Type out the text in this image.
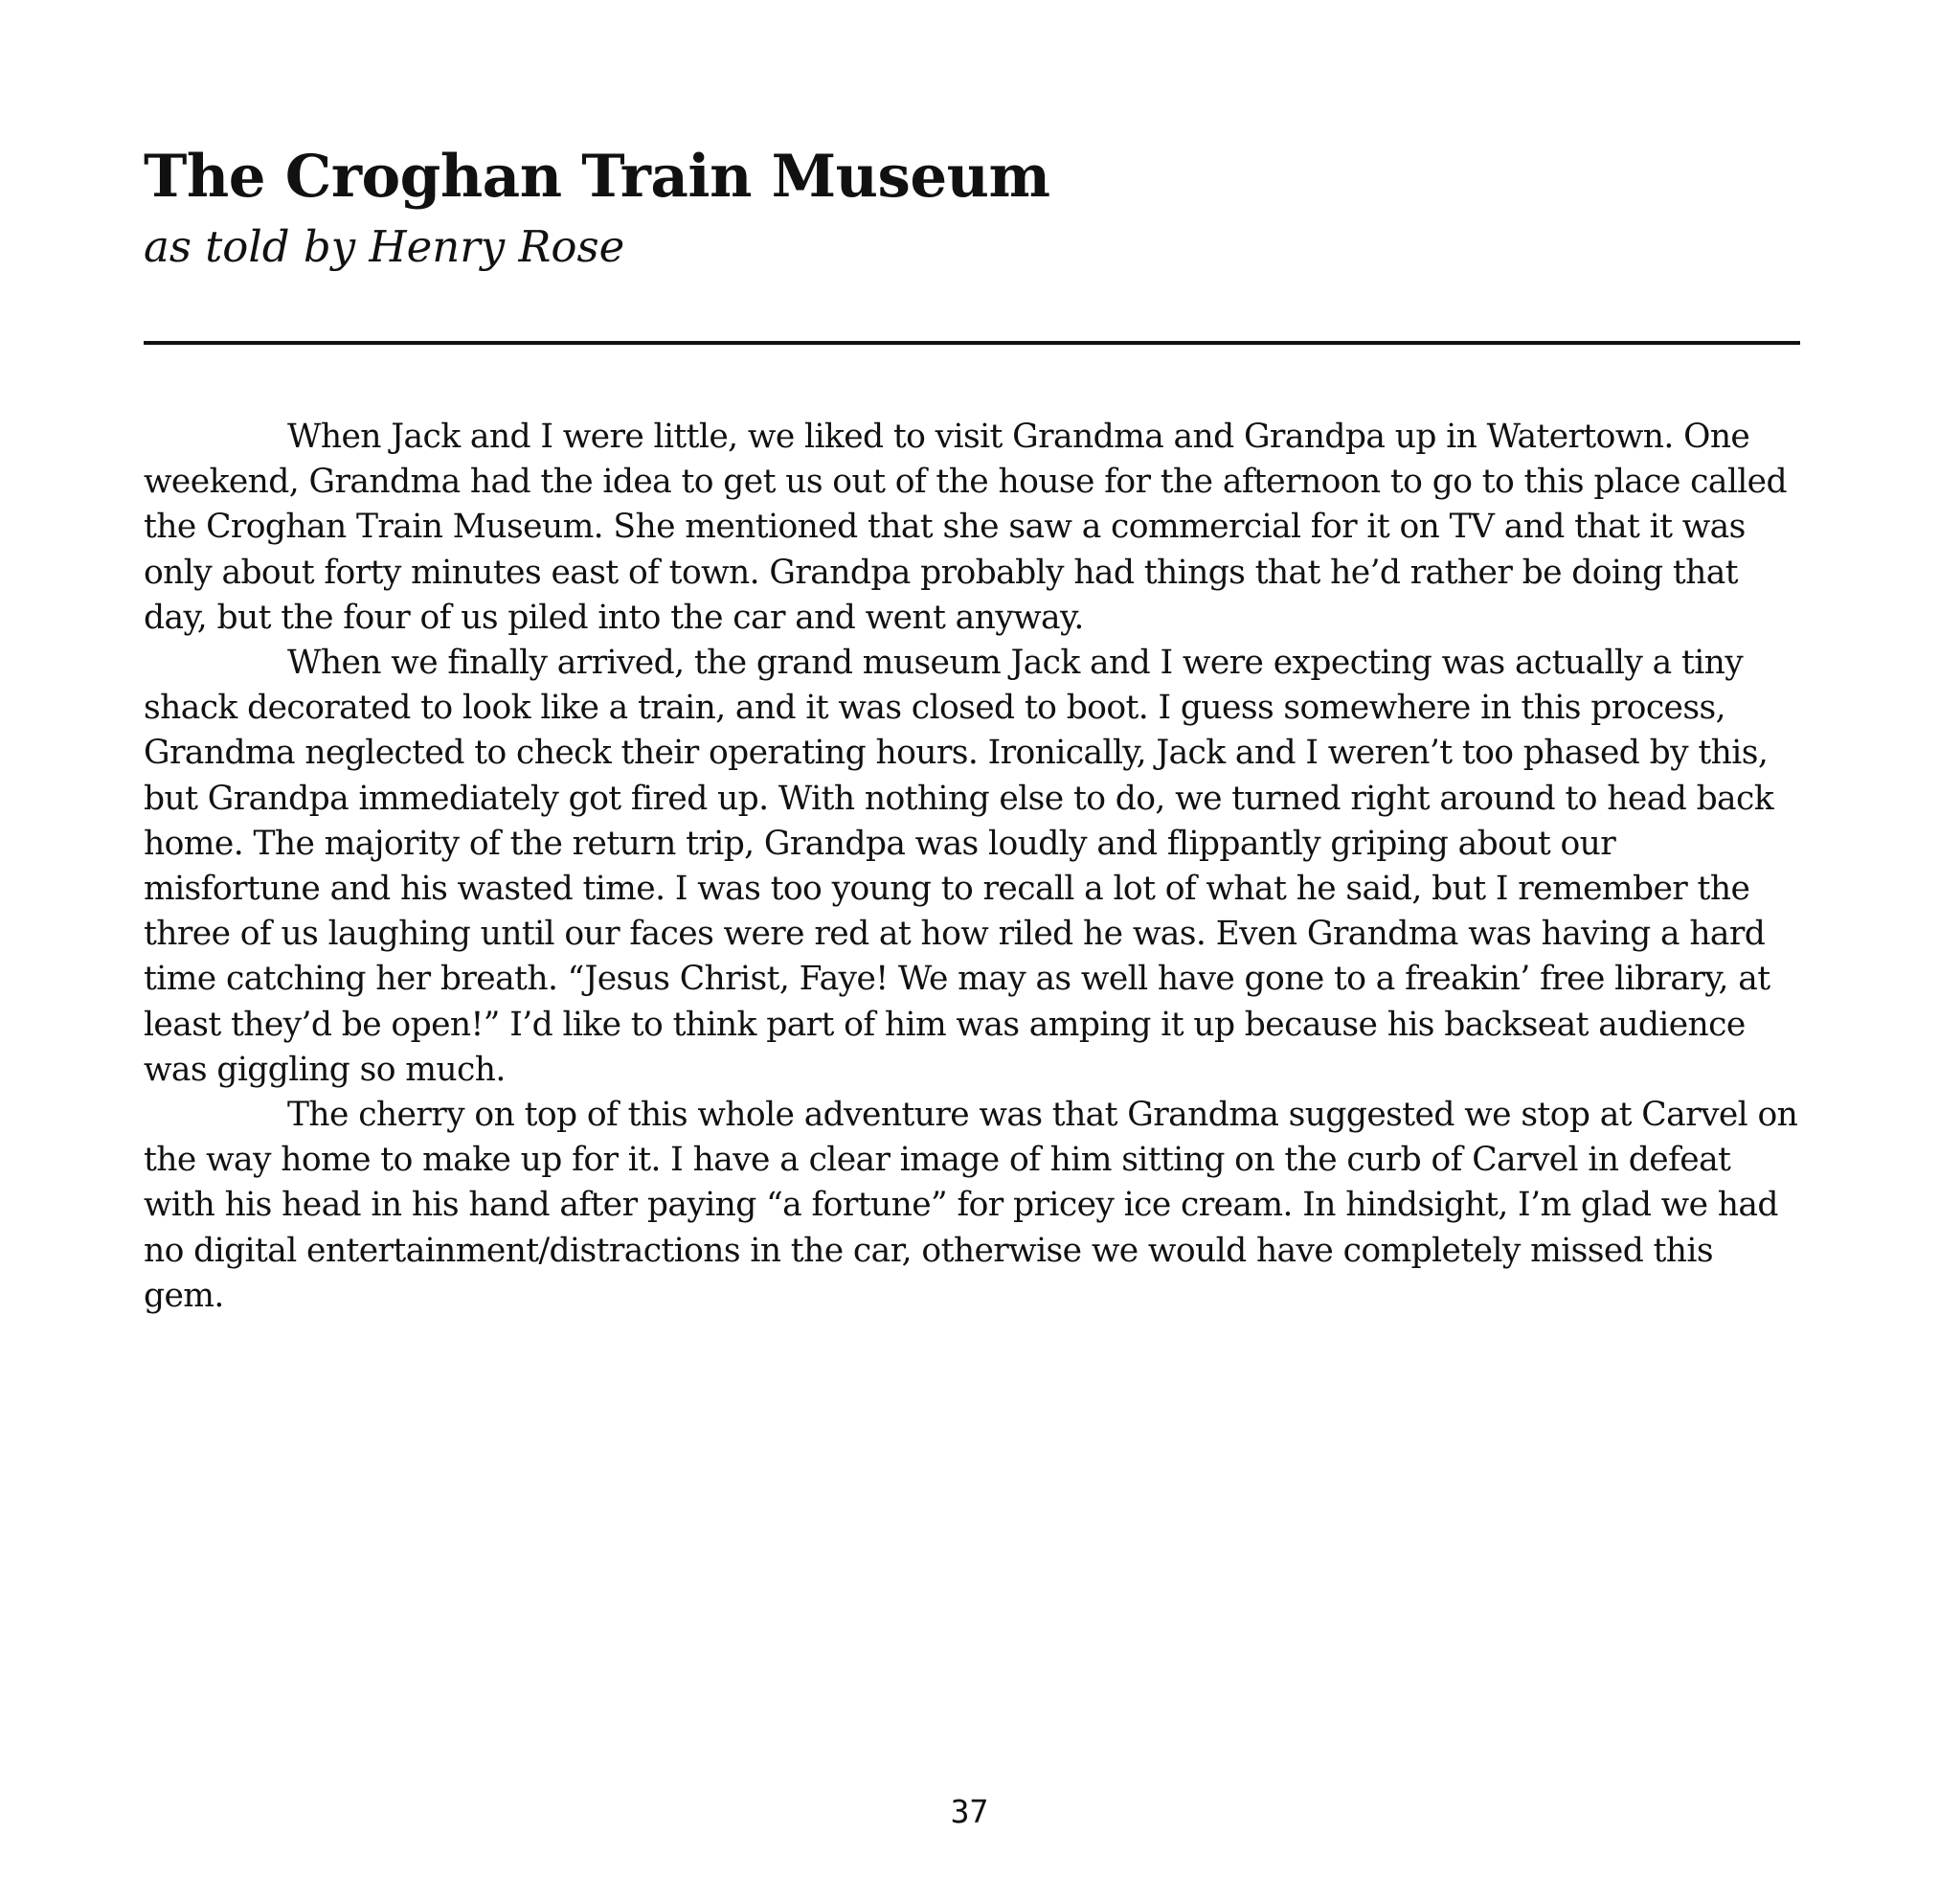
The Croghan Train Museum

as told by Henry Rose

When Jack and I were little, we liked to visit Grandma and Grandpa up in Watertown. One weekend, Grandma had the idea to get us out of the house for the afternoon to go to this place called the Croghan Train Museum. She mentioned that she saw a commercial for it on TV and that it was only about forty minutes east of town. Grandpa probably had things that he’d rather be doing that day, but the four of us piled into the car and went anyway.

When we finally arrived, the grand museum Jack and I were expecting was actually a tiny shack decorated to look like a train, and it was closed to boot. I guess somewhere in this process, Grandma neglected to check their operating hours. Ironically, Jack and I weren’t too phased by this, but Grandpa immediately got fired up. With nothing else to do, we turned right around to head back home. The majority of the return trip, Grandpa was loudly and flippantly griping about our misfortune and his wasted time. I was too young to recall a lot of what he said, but I remember the three of us laughing until our faces were red at how riled he was. Even Grandma was having a hard time catching her breath. “Jesus Christ, Faye! We may as well have gone to a freakin’ free library, at least they’d be open!” I’d like to think part of him was amping it up because his backseat audience was giggling so much.

The cherry on top of this whole adventure was that Grandma suggested we stop at Carvel on the way home to make up for it. I have a clear image of him sitting on the curb of Carvel in defeat with his head in his hand after paying “a fortune” for pricey ice cream. In hindsight, I’m glad we had no digital entertainment/distractions in the car, otherwise we would have completely missed this gem.

37
